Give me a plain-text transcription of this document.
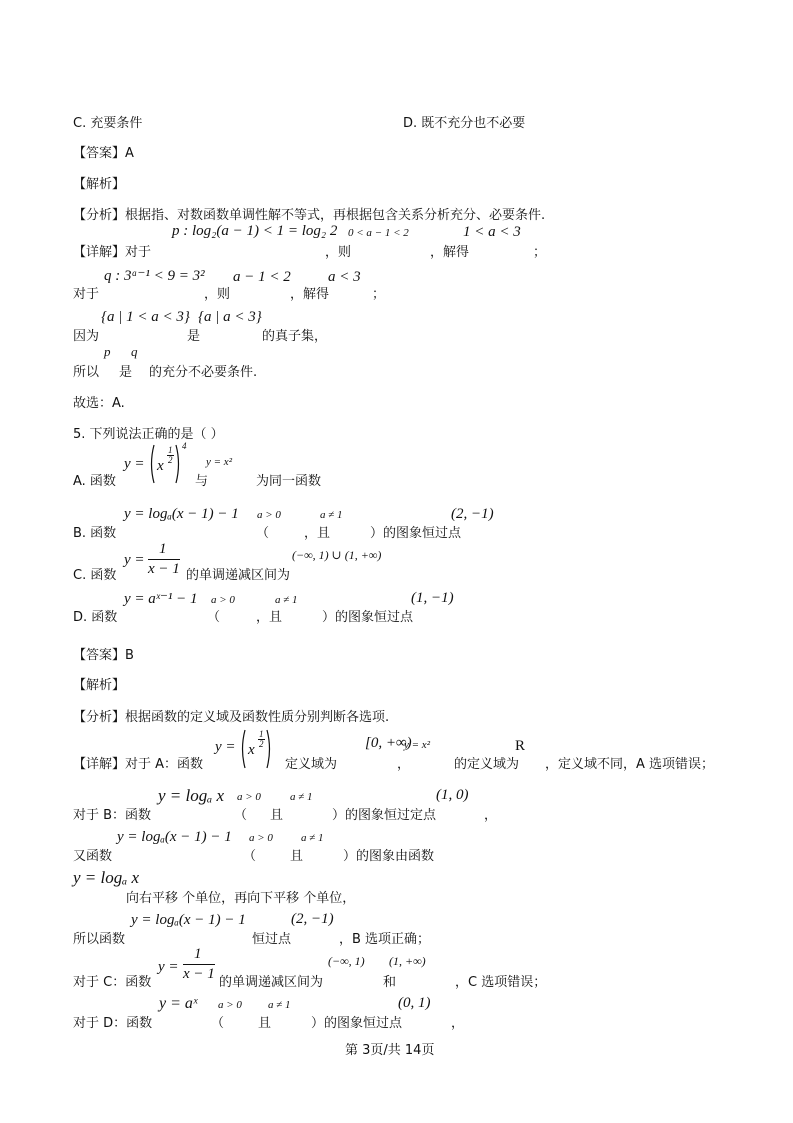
C. 充要条件	D. 既不充分也不必要
【答案】A
【解析】
【分析】根据指、对数函数单调性解不等式，再根据包含关系分析充分、必要条件.
p : log₂(a − 1) < 1 = log₂ 2 0 < a − 1 < 2	1 < a < 3
【详解】对于	，则	，解得	；
q : 3ᵃ⁻¹ < 9 = 3² a − 1 < 2 a < 3
对于	，则	，解得	；
{a | 1 < a < 3} {a | a < 3}
因为	是	的真子集，
p q
所以 是 的充分不必要条件.
故选：A.
5. 下列说法正确的是（ ）
y = x
1
2
4
y = x²
A. 函数	与	为同一函数
y = logₐ(x − 1) − 1 a > 0	a ≠ 1	(2, −1)
B. 函数	（	，且	）的图象恒过点
y =
1
x − 1
(−∞, 1) ∪ (1, +∞)
C. 函数	的单调递减区间为
y = aˣ⁻¹ − 1 a > 0	a ≠ 1	(1, −1)
D. 函数	（	，且	）的图象恒过点
【答案】B
【解析】
【分析】根据函数的定义域及函数性质分别判断各选项.
y = x
1
2	[0, +∞)
y = x²	R
【详解】对于 A：函数	定义域为	，	的定义域为 ，定义域不同，A 选项错误；
y = logₐ x a > 0	a ≠ 1	(1, 0)
对于 B：函数	（ 且	）的图象恒过定点	，
y = logₐ(x − 1) − 1 a > 0	a ≠ 1
又函数	（	且	）的图象由函数
y = logₐ x
向右平移 个单位，再向下平移 个单位，
y = logₐ(x − 1) − 1	(2, −1)
所以函数	恒过点	，B 选项正确；
y =
1
x − 1
(−∞, 1) (1, +∞)
对于 C：函数	的单调递减区间为	和	，C 选项错误；
y = aˣ a > 0 a ≠ 1	(0, 1)
对于 D：函数	（	且	）的图象恒过点	，
第 3页/共 14页
